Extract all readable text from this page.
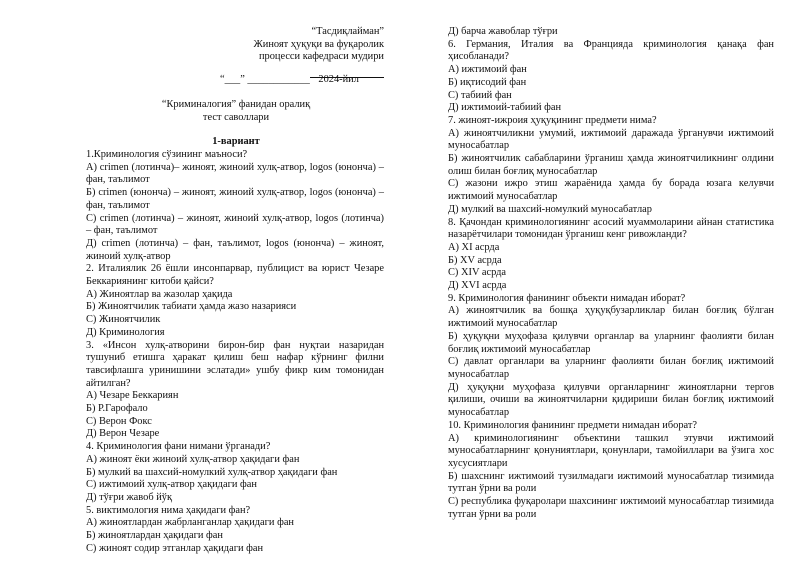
“Тасдиқлайман”

Жиноят ҳуқуқи ва фуқаролик

процесси кафедраси мудири

“___” ____________ 2024-йил

“Криминалогия” фанидан оралиқ

тест саволлари

1-вариант

1.Криминология сўзининг маъноси?

А) crimen (лотинча)– жиноят, жиноий хулқ-атвор, logos (юнонча) – фан, таълимот

Б) crimen (юнонча) – жиноят, жиноий хулқ-атвор, logos (юнонча) – фан, таълимот

С) crimen (лотинча) – жиноят, жиноий хулқ-атвор, logos (лотинча) – фан, таълимот

Д) crimen (лотинча) – фан, таълимот, logos (юнонча) – жиноят, жиноий хулқ-атвор

2. Италиялик 26 ёшли инсонпарвар, публицист ва юрист Чезаре Беккариянинг китоби қайси?

А) Жиноятлар ва жазолар ҳақида

Б) Жиноятчилик табиати ҳамда жазо назарияси

С) Жиноятчилик

Д) Криминология

3. «Инсон хулқ-атворини бирон-бир фан нуқтаи назаридан тушуниб етишга ҳаракат қилиш беш нафар кўрнинг филни тавсифлашга уринишини эслатади» ушбу фикр ким томонидан айтилган?

А) Чезаре Беккариян

Б) Р.Гарофало

С) Верон Фокс

Д) Верон Чезаре

4. Криминология фани нимани ўрганади?

А) жиноят ёки жиноий хулқ-атвор ҳақидаги фан

Б) мулкий ва шахсий-номулкий хулқ-атвор ҳақидаги фан

С) ижтимоий хулқ-атвор ҳақидаги фан

Д) тўғри жавоб йўқ

5. виктимология нима ҳақидаги фан?

А) жиноятлардан жабрланганлар ҳақидаги фан

Б) жиноятлардан ҳақидаги фан

С) жиноят содир этганлар ҳақидаги фан

Д) барча жавоблар тўғри

6. Германия, Италия ва Францияда криминология қанақа фан ҳисобланади?

А) ижтимоий фан

Б) иқтисодий фан

С) табиий фан

Д) ижтимоий-табиий фан

7. жиноят-ижроия ҳуқуқининг предмети нима?

А) жиноятчиликни умумий, ижтимоий даражада ўрганувчи ижтимоий муносабатлар

Б) жиноятчилик сабабларини ўрганиш ҳамда жиноятчиликнинг олдини олиш билан боғлиқ муносабатлар

С) жазони ижро этиш жараёнида ҳамда бу борада юзага келувчи ижтимоий муносабатлар

Д) мулкий ва шахсий-номулкий муносабатлар

8. Қачондан криминологиянинг асосий муаммоларини айнан статистика назарётчилари томонидан ўрганиш кенг ривожланди?

А) XI асрда

Б) XV асрда

С) XIV асрда

Д) XVI асрда

9. Криминология фанининг объекти нимадан иборат?

А) жиноятчилик ва бошқа ҳуқуқбузарликлар билан боғлиқ бўлган ижтимоий муносабатлар

Б) ҳуқуқни муҳофаза қилувчи органлар ва уларнинг фаолияти билан боғлиқ ижтимоий муносабатлар

С) давлат органлари ва уларнинг фаолияти билан боғлиқ ижтимоий муносабатлар

Д) ҳуқуқни муҳофаза қилувчи органларнинг жиноятларни тергов қилиши, очиши ва жиноятчиларни қидириши билан боғлиқ ижтимоий муносабатлар

10. Криминология фанининг предмети нимадан иборат?

А) криминологиянинг объектини ташкил этувчи ижтимоий муносабатларнинг қонуниятлари, қонунлари, тамойиллари ва ўзига хос хусусиятлари

Б) шахснинг ижтимоий тузилмадаги ижтимоий муносабатлар тизимида тутган ўрни ва роли

С) республика фуқаролари шахсининг ижтимоий муносабатлар тизимида тутган ўрни ва роли
